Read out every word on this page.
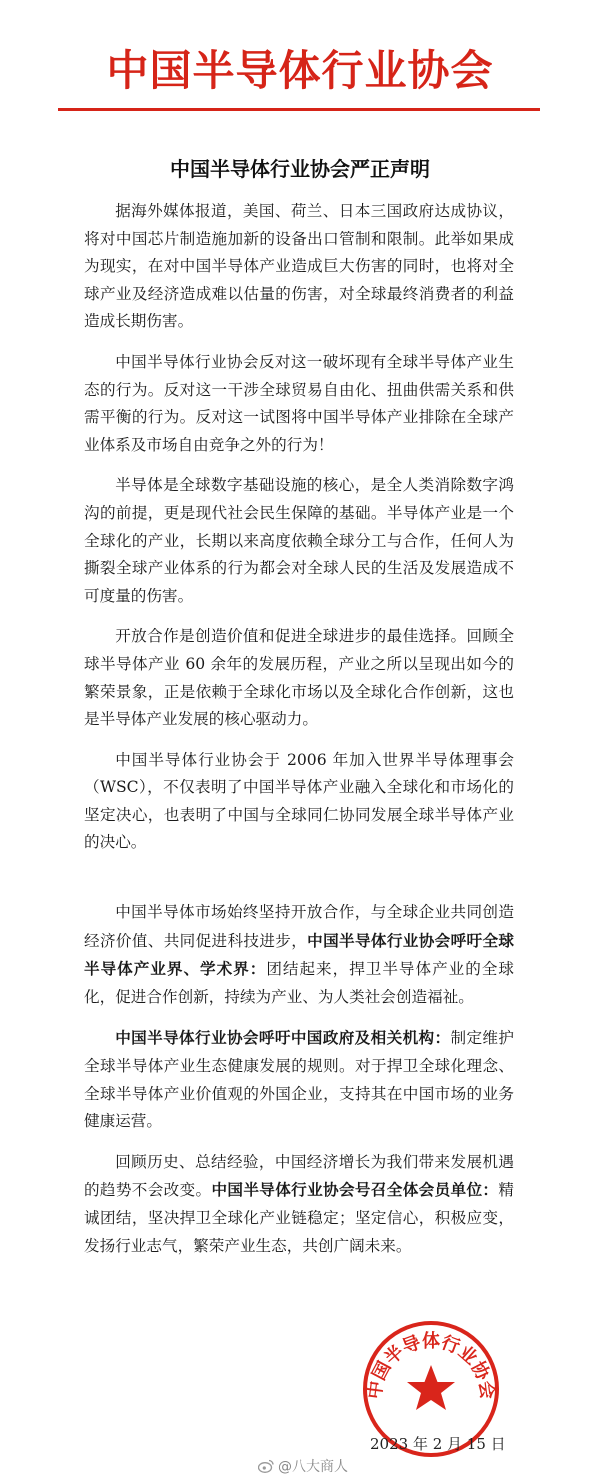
中国半导体行业协会
中国半导体行业协会严正声明

据海外媒体报道，美国、荷兰、日本三国政府达成协议，将对中国芯片制造施加新的设备出口管制和限制。此举如果成为现实，在对中国半导体产业造成巨大伤害的同时，也将对全球产业及经济造成难以估量的伤害，对全球最终消费者的利益造成长期伤害。

中国半导体行业协会反对这一破坏现有全球半导体产业生态的行为。反对这一干涉全球贸易自由化、扭曲供需关系和供需平衡的行为。反对这一试图将中国半导体产业排除在全球产业体系及市场自由竞争之外的行为！

半导体是全球数字基础设施的核心，是全人类消除数字鸿沟的前提，更是现代社会民生保障的基础。半导体产业是一个全球化的产业，长期以来高度依赖全球分工与合作，任何人为撕裂全球产业体系的行为都会对全球人民的生活及发展造成不可度量的伤害。

开放合作是创造价值和促进全球进步的最佳选择。回顾全球半导体产业 60 余年的发展历程，产业之所以呈现出如今的繁荣景象，正是依赖于全球化市场以及全球化合作创新，这也是半导体产业发展的核心驱动力。

中国半导体行业协会于 2006 年加入世界半导体理事会（WSC），不仅表明了中国半导体产业融入全球化和市场化的坚定决心，也表明了中国与全球同仁协同发展全球半导体产业的决心。

中国半导体市场始终坚持开放合作，与全球企业共同创造经济价值、共同促进科技进步，中国半导体行业协会呼吁全球半导体产业界、学术界：团结起来，捍卫半导体产业的全球化，促进合作创新，持续为产业、为人类社会创造福祉。

中国半导体行业协会呼吁中国政府及相关机构：制定维护全球半导体产业生态健康发展的规则。对于捍卫全球化理念、全球半导体产业价值观的外国企业，支持其在中国市场的业务健康运营。

回顾历史、总结经验，中国经济增长为我们带来发展机遇的趋势不会改变。中国半导体行业协会号召全体会员单位：精诚团结，坚决捍卫全球化产业链稳定；坚定信心，积极应变，发扬行业志气，繁荣产业生态，共创广阔未来。

中国半导体行业协会
2023 年 2 月 15 日
@八大商人
